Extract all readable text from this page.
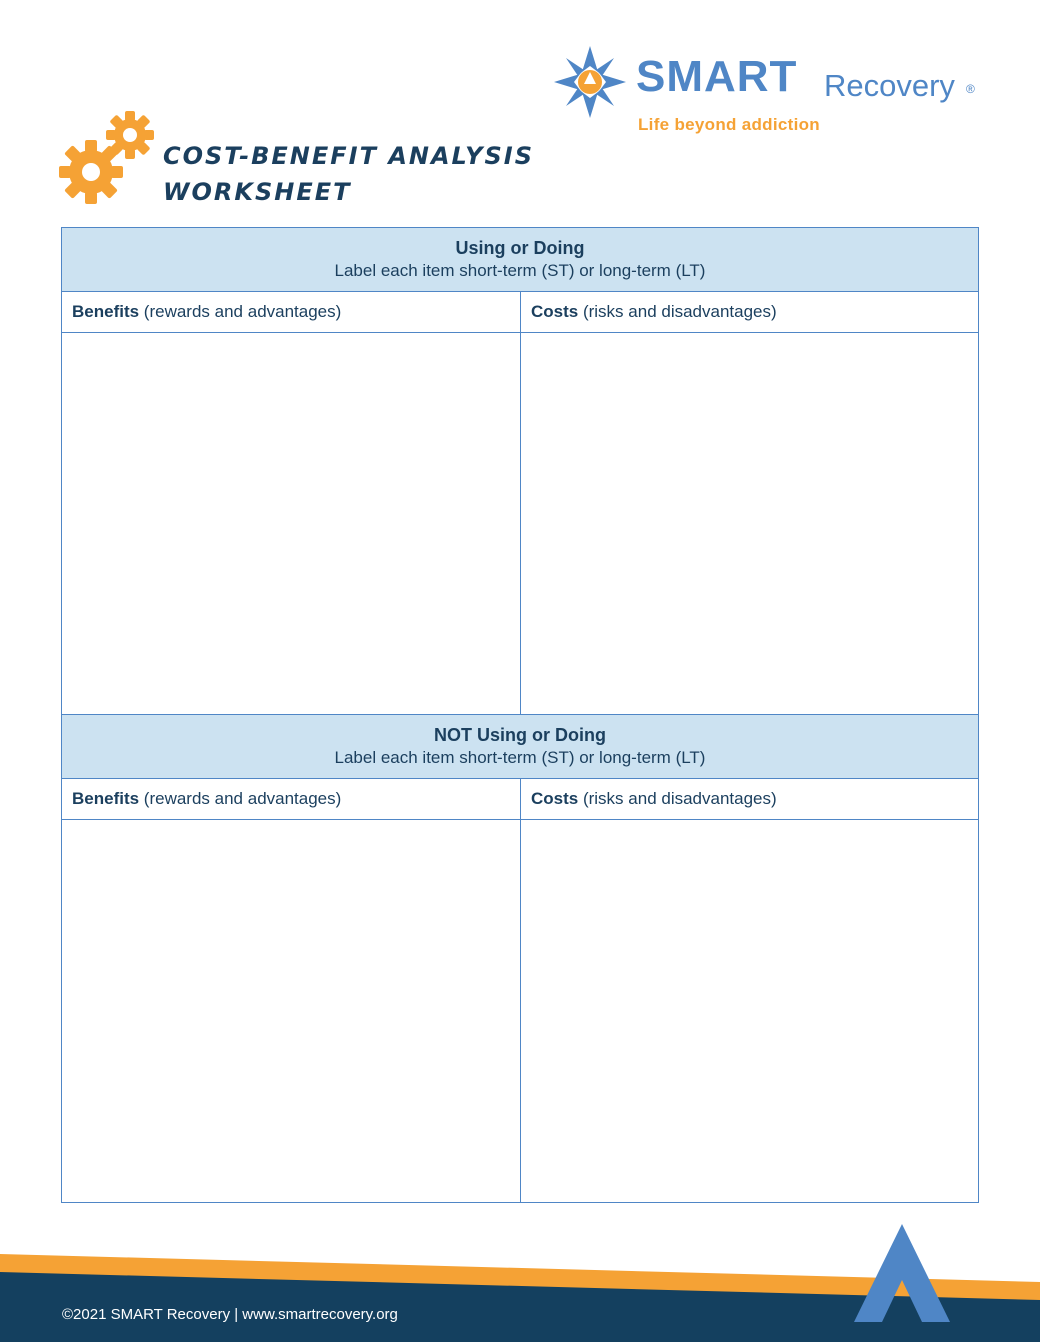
SMART Recovery ®
Life beyond addiction
COST-BENEFIT ANALYSIS
WORKSHEET
Using or Doing
Label each item short-term (ST) or long-term (LT)
Benefits (rewards and advantages)	Costs (risks and disadvantages)
NOT Using or Doing
Label each item short-term (ST) or long-term (LT)
Benefits (rewards and advantages)	Costs (risks and disadvantages)
©2021 SMART Recovery | www.smartrecovery.org
